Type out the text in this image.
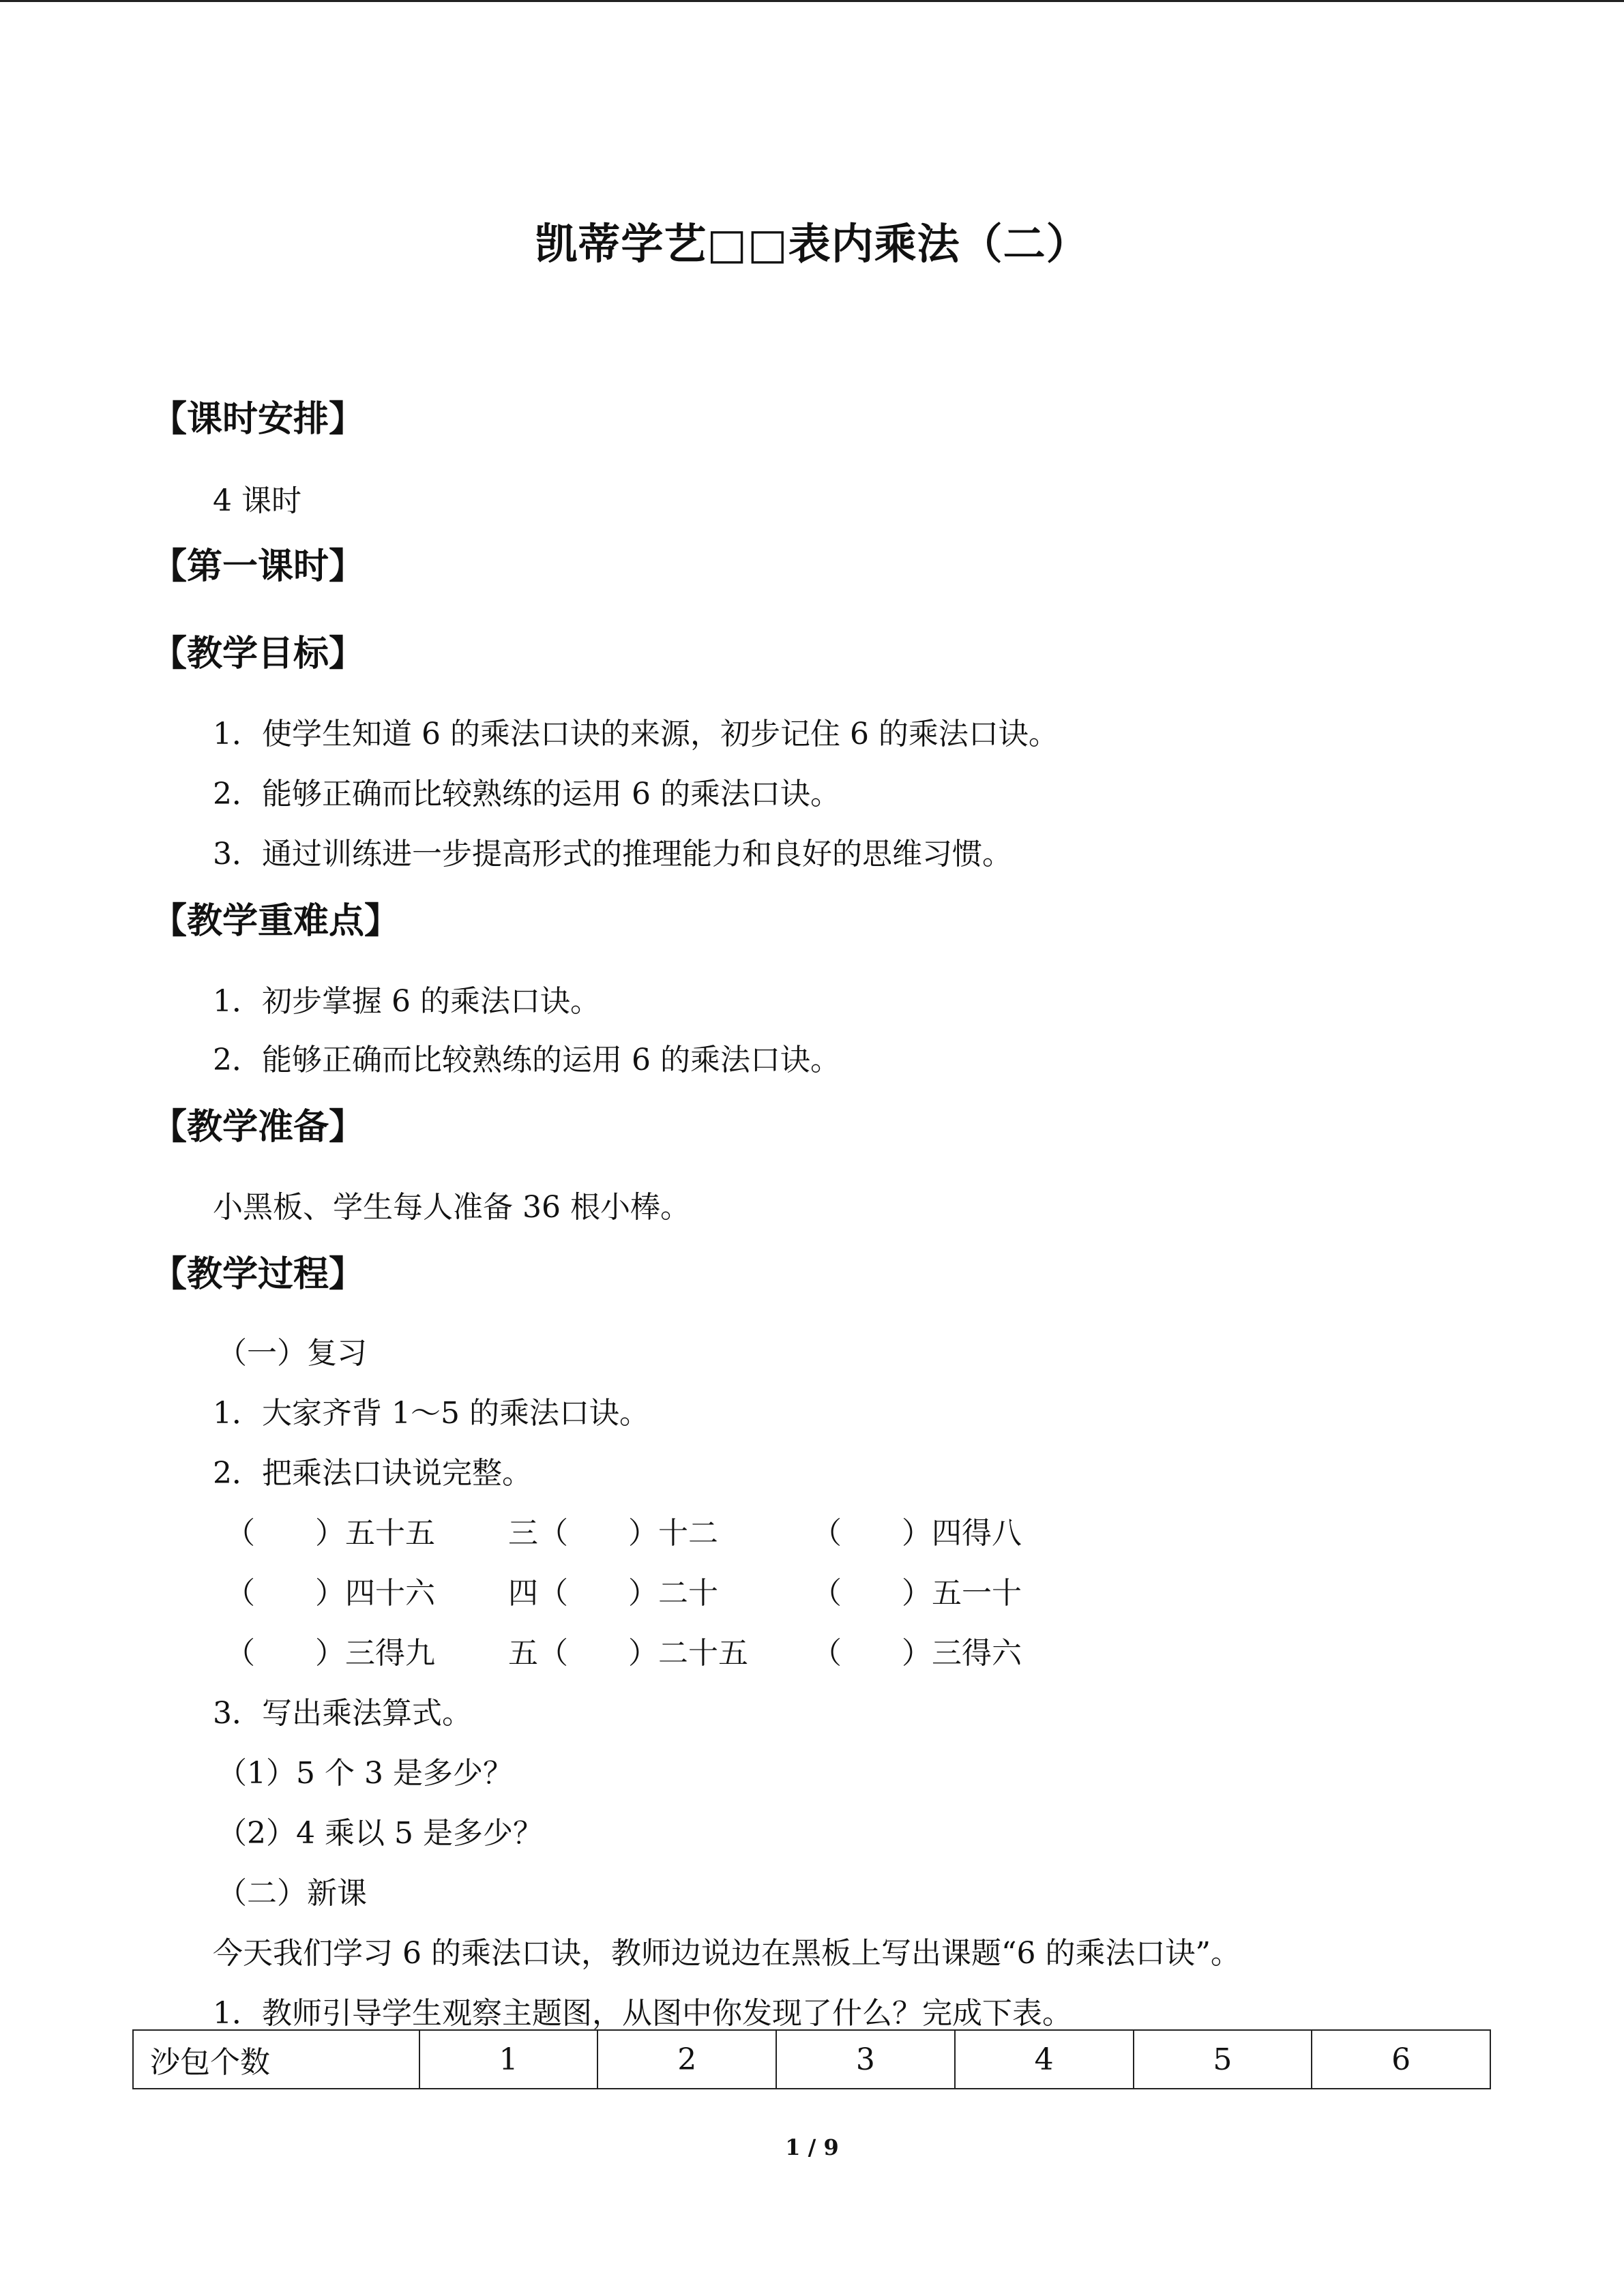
凯蒂学艺□□表内乘法（二）
【课时安排】
4 课时
【第一课时】
【教学目标】
1．使学生知道 6 的乘法口诀的来源，初步记住 6 的乘法口诀。
2．能够正确而比较熟练的运用 6 的乘法口诀。
3．通过训练进一步提高形式的推理能力和良好的思维习惯。
【教学重难点】
1．初步掌握 6 的乘法口诀。
2．能够正确而比较熟练的运用 6 的乘法口诀。
【教学准备】
小黑板、学生每人准备 36 根小棒。
【教学过程】
（一）复习
1．大家齐背 1～5 的乘法口诀。
2．把乘法口诀说完整。
（　　）五十五 三（　　）十二	（　　）四得八
（　　）四十六 四（　　）二十	（　　）五一十
（　　）三得九 五（　　）二十五 （　　）三得六
3．写出乘法算式。
（1）5 个 3 是多少？
（2）4 乘以 5 是多少？
（二）新课
今天我们学习 6 的乘法口诀，教师边说边在黑板上写出课题“6 的乘法口诀”。
1．教师引导学生观察主题图，从图中你发现了什么？完成下表。
沙包个数	1	2	3	4	5	6
1 / 9
